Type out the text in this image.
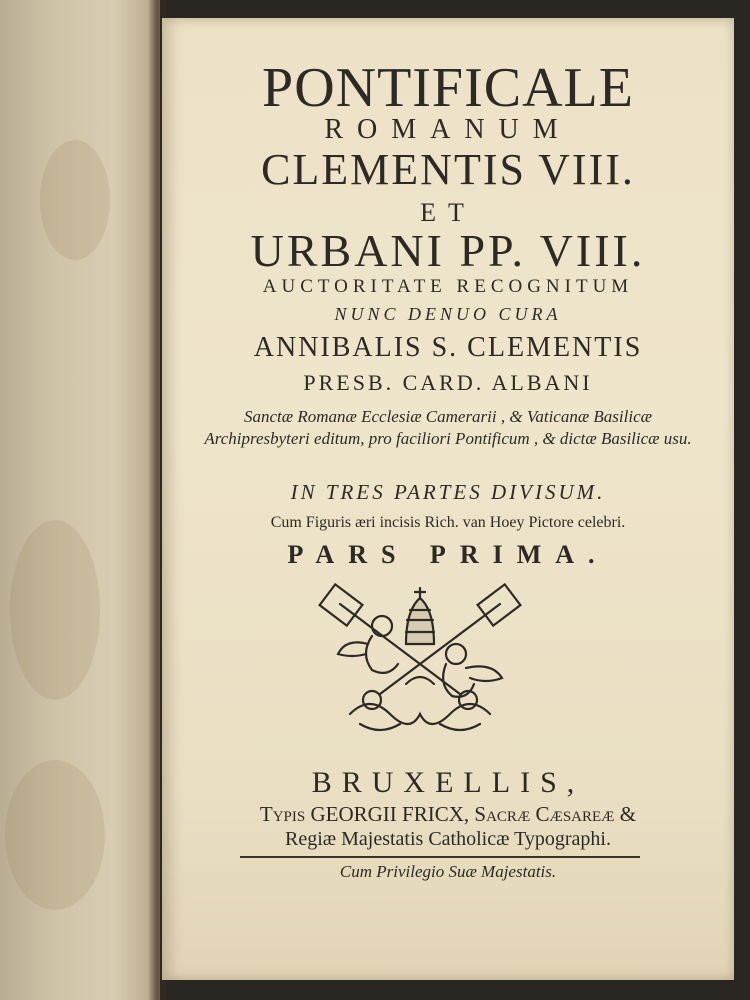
PONTIFICALE
ROMANUM
CLEMENTIS VIII.
ET
URBANI PP. VIII.
AUCTORITATE RECOGNITUM
NUNC DENUO CURA
ANNIBALIS S. CLEMENTIS
PRESB. CARD. ALBANI
Sanctæ Romanæ Ecclesiæ Camerarii , & Vaticanæ Basilicæ Archipresbyteri editum, pro faciliori Pontificum , & dictæ Basilicæ usu.
IN TRES PARTES DIVISUM.
Cum Figuris æri incisis Rich. van Hoey Pictore celebri.
PARS PRIMA.
BRUXELLIS,
Typis GEORGII FRICX, Sacræ Cæsareæ &
Regiæ Majestatis Catholicæ Typographi.
Cum Privilegio Suæ Majestatis.
